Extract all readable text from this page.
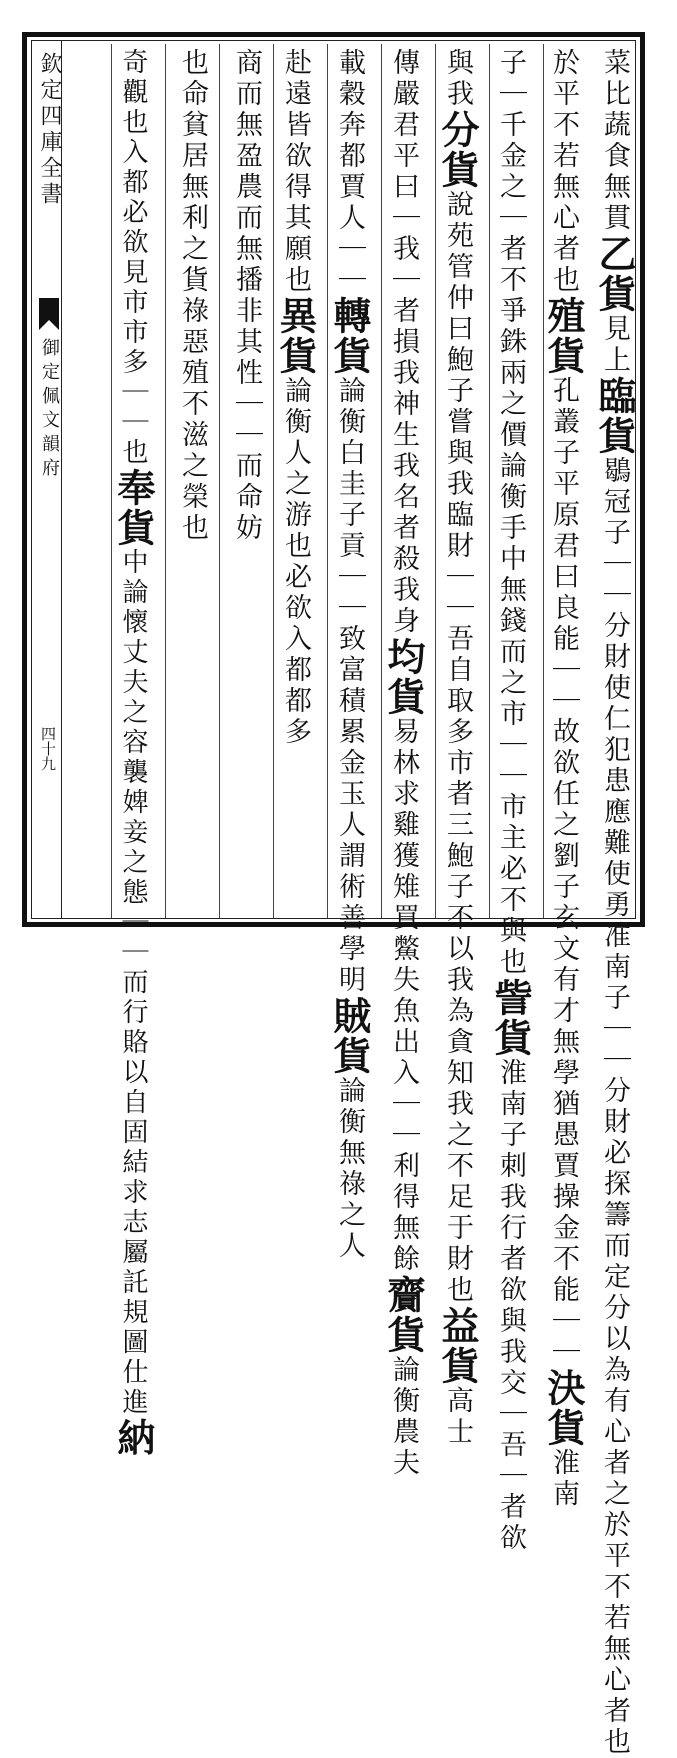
欽定四庫全書
御定佩文韻府
四十九
菜比蔬食無貫乙貨見上臨貨鶡冠子｜｜分財使仁犯患應難使勇准南子｜｜分財必探籌而定分以為有心者之於平不若無心者也
於平不若無心者也殖貨孔叢子平原君曰良能｜｜故欲任之劉子玄文有才無學猶愚賈操金不能｜｜決貨淮南
子｜千金之｜者不爭銖兩之價論衡手中無錢而之市｜｜市主必不與也訾貨淮南子刺我行者欲與我交｜吾｜者欲
與我分貨說苑管仲曰鮑子嘗與我臨財｜｜吾自取多市者三鮑子不以我為貪知我之不足于財也益貨高士
傳嚴君平曰｜我｜者損我神生我名者殺我身均貨易林求雞獲雉買鱉失魚出入｜｜利得無餘齎貨論衡農夫
載穀奔都賈人｜｜轉貨論衡白圭子貢｜｜致富積累金玉人謂術善學明賊貨論衡無祿之人
赴遠皆欲得其願也異貨論衡人之游也必欲入都都多
商而無盈農而無播非其性｜｜而命妨
也命貧居無利之貨祿惡殖不滋之榮也
奇觀也入都必欲見市市多｜｜也奉貨中論懷丈夫之容襲婢妾之態｜｜而行賂以自固結求志屬託規圖仕進納
